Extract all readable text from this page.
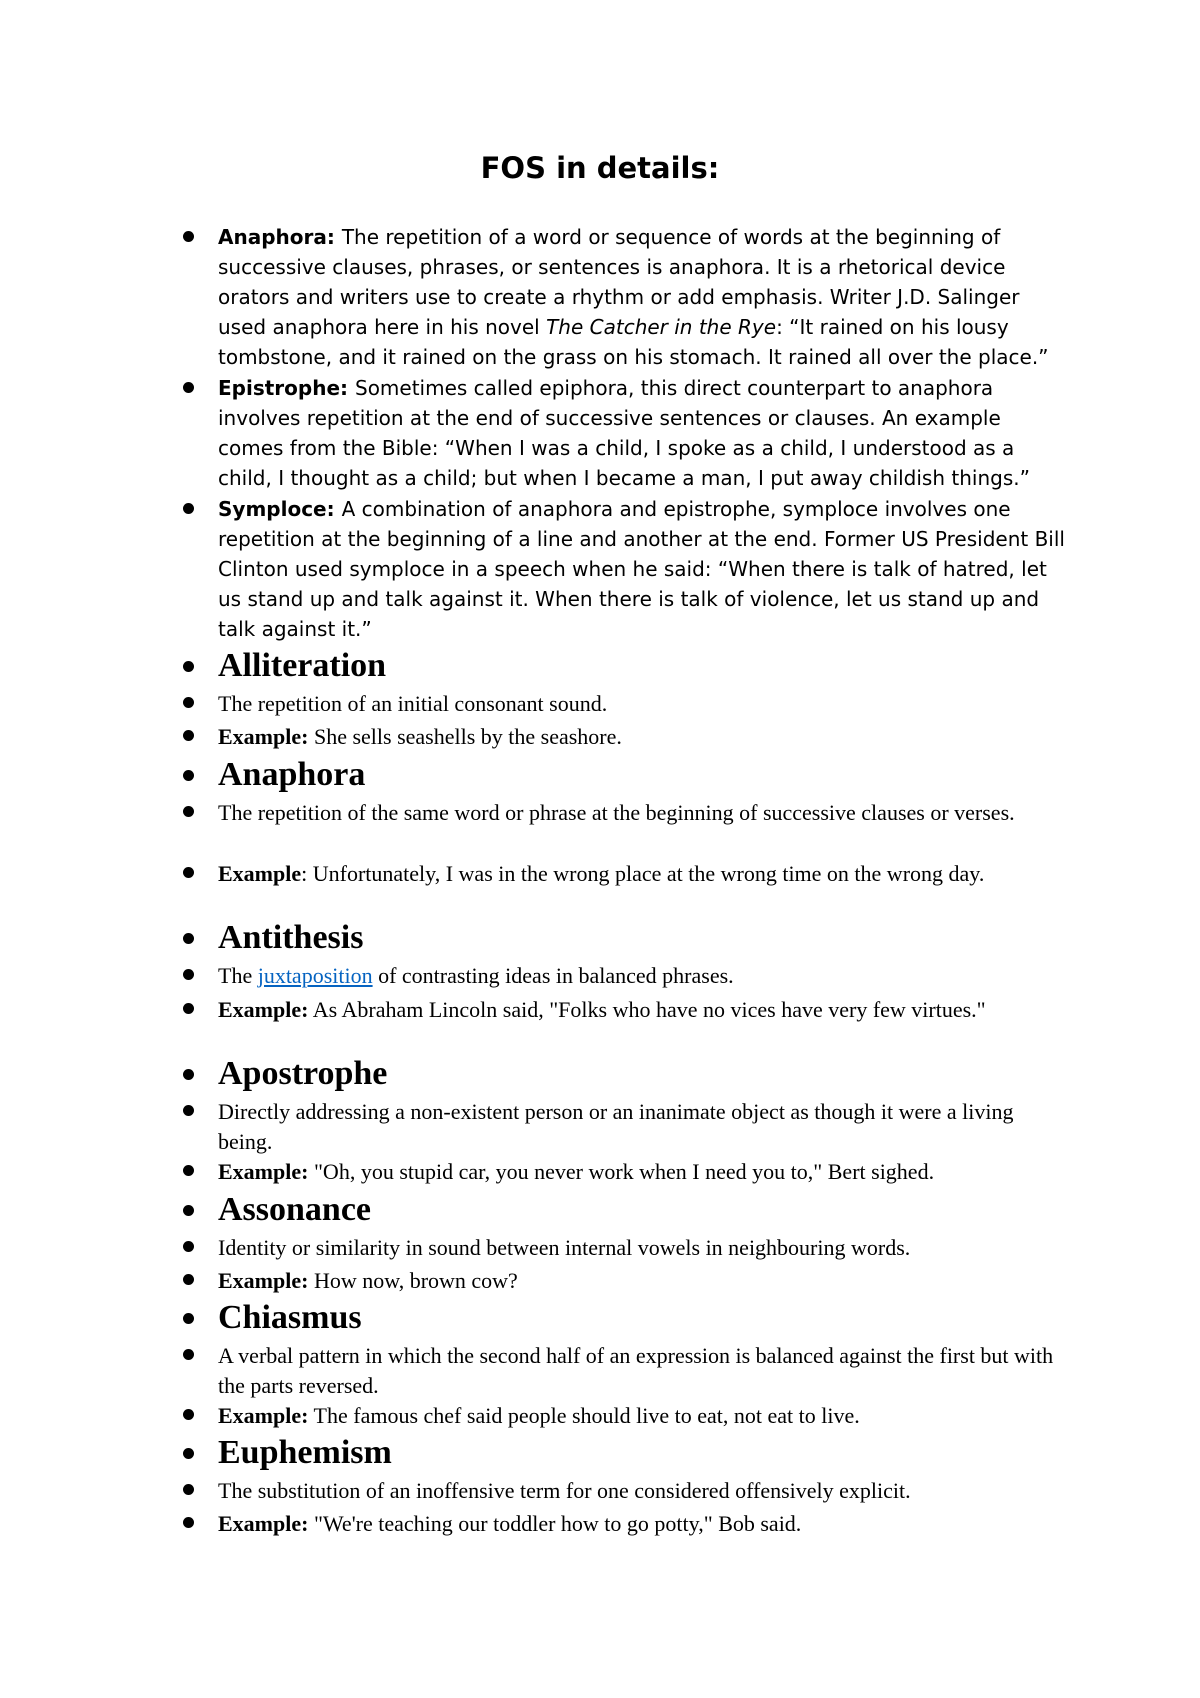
FOS in details:

Anaphora: The repetition of a word or sequence of words at the beginning of successive clauses, phrases, or sentences is anaphora. It is a rhetorical device orators and writers use to create a rhythm or add emphasis. Writer J.D. Salinger used anaphora here in his novel The Catcher in the Rye: “It rained on his lousy tombstone, and it rained on the grass on his stomach. It rained all over the place.”

Epistrophe: Sometimes called epiphora, this direct counterpart to anaphora involves repetition at the end of successive sentences or clauses. An example comes from the Bible: “When I was a child, I spoke as a child, I understood as a child, I thought as a child; but when I became a man, I put away childish things.”

Symploce: A combination of anaphora and epistrophe, symploce involves one repetition at the beginning of a line and another at the end. Former US President Bill Clinton used symploce in a speech when he said: “When there is talk of hatred, let us stand up and talk against it. When there is talk of violence, let us stand up and talk against it.”

Alliteration

The repetition of an initial consonant sound.

Example: She sells seashells by the seashore.

Anaphora

The repetition of the same word or phrase at the beginning of successive clauses or verses.

Example: Unfortunately, I was in the wrong place at the wrong time on the wrong day.

Antithesis

The juxtaposition of contrasting ideas in balanced phrases.

Example: As Abraham Lincoln said, "Folks who have no vices have very few virtues."

Apostrophe

Directly addressing a non-existent person or an inanimate object as though it were a living being.

Example: "Oh, you stupid car, you never work when I need you to," Bert sighed.

Assonance

Identity or similarity in sound between internal vowels in neighbouring words.

Example: How now, brown cow?

Chiasmus

A verbal pattern in which the second half of an expression is balanced against the first but with the parts reversed.

Example: The famous chef said people should live to eat, not eat to live.

Euphemism

The substitution of an inoffensive term for one considered offensively explicit.

Example: "We're teaching our toddler how to go potty," Bob said.
